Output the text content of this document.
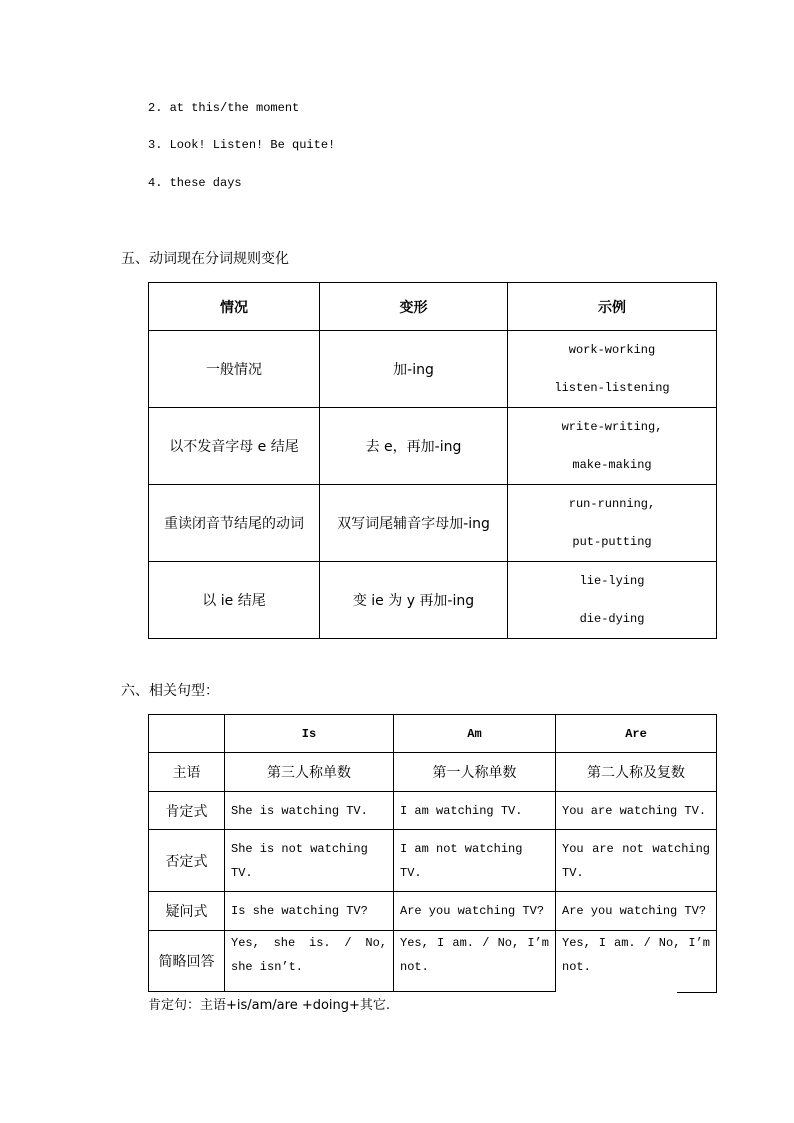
2. at this/the moment
3. Look! Listen! Be quite!
4. these days
五、动词现在分词规则变化
情况	变形	示例
一般情况	加-ing	work-working
listen-listening

以不发音字母 e 结尾	去 e，再加-ing	write-writing,
make-making

重读闭音节结尾的动词	双写词尾辅音字母加-ing	run-running,
put-putting

以 ie 结尾	变 ie 为 y 再加-ing	lie-lying
die-dying
六、相关句型：
	Is	Am	Are
主语	第三人称单数	第一人称单数	第二人称及复数
肯定式	She is watching TV.	I am watching TV.	You are watching TV.
否定式	She is not watching TV.	I am not watching TV.	You are not watching TV.
疑问式	Is she watching TV?	Are you watching TV?	Are you watching TV?
简略回答	Yes, she is. / No, she isn’t.	Yes, I am. / No, I’m not.	Yes, I am. / No, I’m not.
肯定句：主语+is/am/are +doing+其它.
